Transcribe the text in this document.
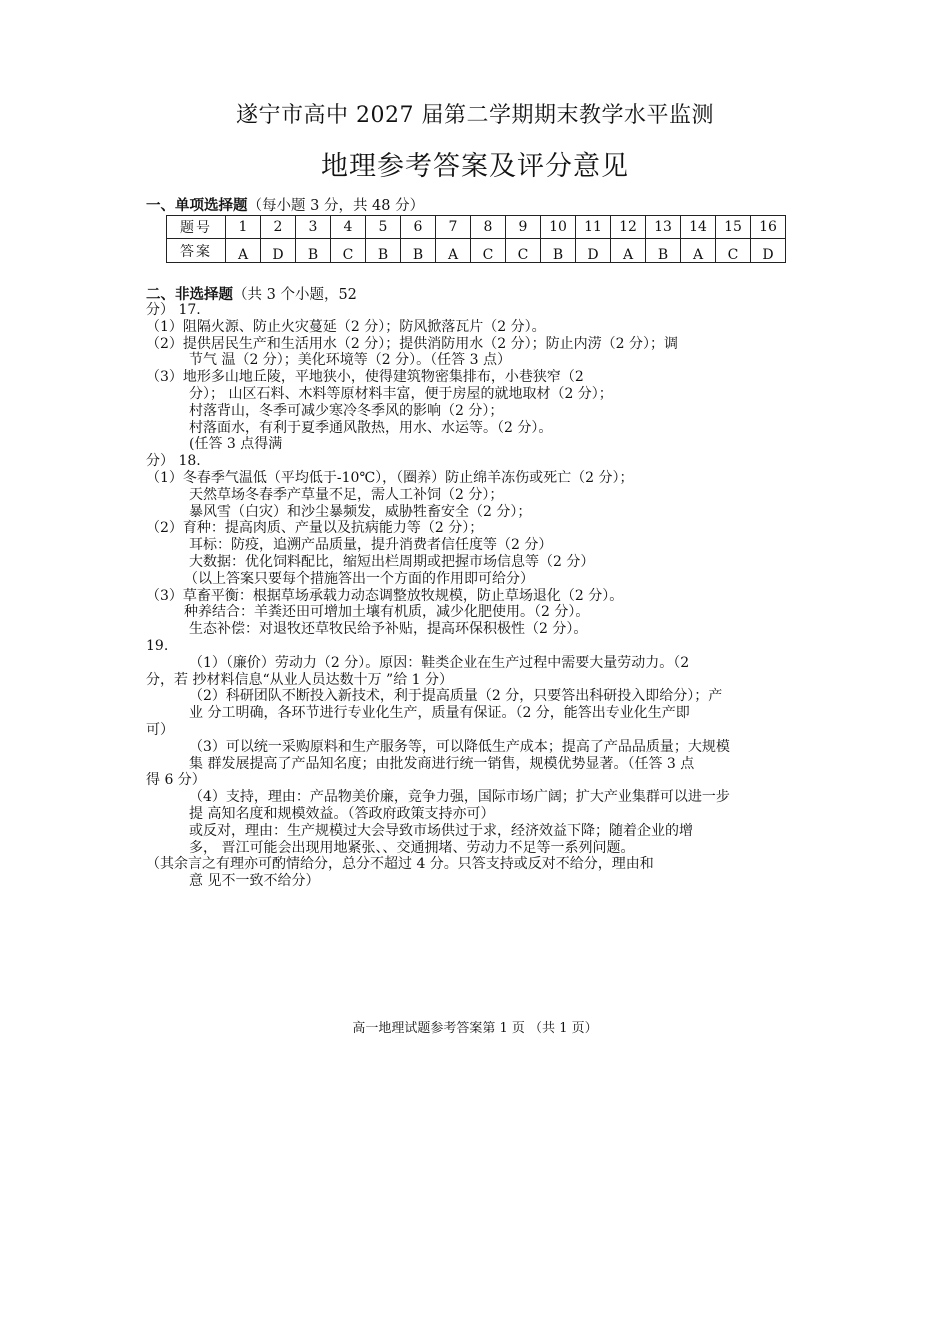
遂宁市高中 2027 届第二学期期末教学水平监测
地理参考答案及评分意见
一、单项选择题（每小题 3 分，共 48 分）
题号	1	2	3	4	5	6	7	8	9	10	11	12	13	14	15	16
答案	A	D	B	C	B	B	A	C	C	B	D	A	B	A	C	D
二、非选择题（共 3 个小题，52
分） 17.
（1）阻隔火源、防止火灾蔓延（2 分）；防风掀落瓦片（2 分）。
（2）提供居民生产和生活用水（2 分）；提供消防用水（2 分）；防止内涝（2 分）；调
节气 温（2 分）；美化环境等（2 分）。（任答 3 点）
（3）地形多山地丘陵，平地狭小，使得建筑物密集排布，小巷狭窄（2
分）； 山区石料、木料等原材料丰富，便于房屋的就地取材（2 分）；
村落背山，冬季可减少寒冷冬季风的影响（2 分）；
村落面水，有利于夏季通风散热，用水、水运等。（2 分）。
(任答 3 点得满
分） 18.
（1）冬春季气温低（平均低于-10℃），（圈养）防止绵羊冻伤或死亡（2 分）；
天然草场冬春季产草量不足，需人工补饲（2 分）；
暴风雪（白灾）和沙尘暴频发，威胁牲畜安全（2 分）；
（2）育种：提高肉质、产量以及抗病能力等（2 分）；
耳标：防疫，追溯产品质量，提升消费者信任度等（2 分）
大数据：优化饲料配比，缩短出栏周期或把握市场信息等（2 分）
（以上答案只要每个措施答出一个方面的作用即可给分）
（3）草畜平衡：根据草场承载力动态调整放牧规模，防止草场退化（2 分）。
种养结合：羊粪还田可增加土壤有机质，减少化肥使用。（2 分）。
生态补偿：对退牧还草牧民给予补贴，提高环保积极性（2 分）。
19.
（1）（廉价）劳动力（2 分）。原因：鞋类企业在生产过程中需要大量劳动力。（2
分，若 抄材料信息“从业人员达数十万 ”给 1 分）
（2）科研团队不断投入新技术，利于提高质量（2 分，只要答出科研投入即给分）；产
业 分工明确，各环节进行专业化生产，质量有保证。（2 分，能答出专业化生产即
可）
（3）可以统一采购原料和生产服务等，可以降低生产成本；提高了产品品质量；大规模
集 群发展提高了产品知名度；由批发商进行统一销售，规模优势显著。（任答 3 点
得 6 分）
（4）支持，理由：产品物美价廉，竞争力强，国际市场广阔；扩大产业集群可以进一步
提 高知名度和规模效益。（答政府政策支持亦可）
或反对，理由：生产规模过大会导致市场供过于求，经济效益下降；随着企业的增
多， 晋江可能会出现用地紧张、、交通拥堵、劳动力不足等一系列问题。
（其余言之有理亦可酌情给分，总分不超过 4 分。只答支持或反对不给分，理由和
意 见不一致不给分）
高一地理试题参考答案第 1 页 （共 1 页）
